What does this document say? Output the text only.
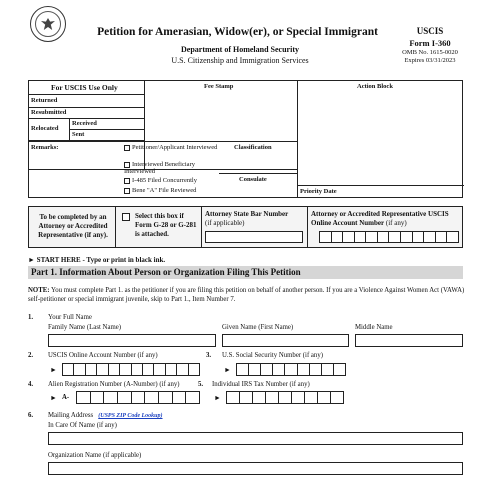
Petition for Amerasian, Widow(er), or Special Immigrant
Department of Homeland Security
U.S. Citizenship and Immigration Services
USCIS
Form I-360
OMB No. 1615-0020
Expires 03/31/2023
For USCIS Use Only	Fee Stamp	Action Block
Returned
Resubmitted
Relocated
Received
Sent
Remarks:	Petitioner/Applicant Interviewed
Interviewed Beneficiary Interviewed
I-485 Filed Concurrently
Bene "A" File Reviewed
Classification
Consulate
Priority Date
To be completed by an Attorney or Accredited Representative (if any).
Select this box if Form G-28 or G-281 is attached.
Attorney State Bar Number
(if applicable)
Attorney or Accredited Representative USCIS Online Account Number (if any)
► START HERE - Type or print in black ink.
Part 1. Information About Person or Organization Filing This Petition
NOTE: You must complete Part 1. as the petitioner if you are filing this petition on behalf of another person. If you are a Violence Against Women Act (VAWA) self-petitioner or special immigrant juvenile, skip to Part 1., Item Number 7.
1. Your Full Name
Family Name (Last Name)	Given Name (First Name)	Middle Name
2. USCIS Online Account Number (if any)
►
3. U.S. Social Security Number (if any)
►
4. Alien Registration Number (A-Number) (if any)
► A-
5. Individual IRS Tax Number (if any)
►
6. Mailing Address (USPS ZIP Code Lookup)
In Care Of Name (if any)
Organization Name (if applicable)
